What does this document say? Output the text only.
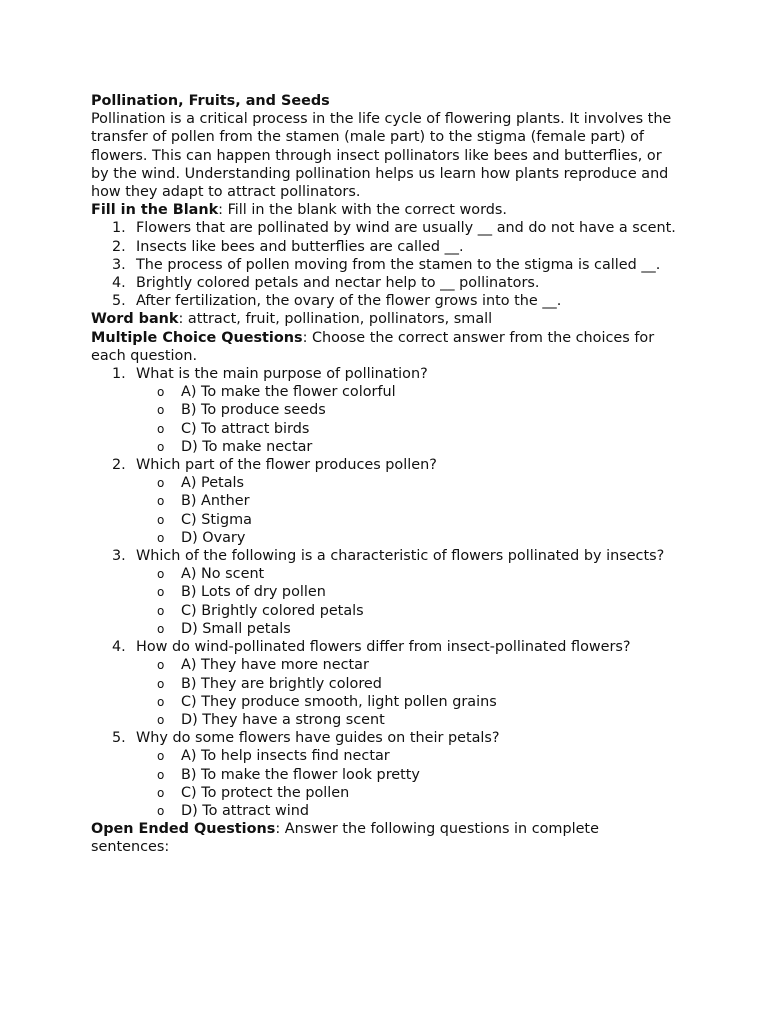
Pollination, Fruits, and Seeds

Pollination is a critical process in the life cycle of flowering plants. It involves the transfer of pollen from the stamen (male part) to the stigma (female part) of flowers. This can happen through insect pollinators like bees and butterflies, or by the wind. Understanding pollination helps us learn how plants reproduce and how they adapt to attract pollinators.

Fill in the Blank: Fill in the blank with the correct words.

1. Flowers that are pollinated by wind are usually __ and do not have a scent.
2. Insects like bees and butterflies are called __.
3. The process of pollen moving from the stamen to the stigma is called __.
4. Brightly colored petals and nectar help to __ pollinators.
5. After fertilization, the ovary of the flower grows into the __.

Word bank: attract, fruit, pollination, pollinators, small

Multiple Choice Questions: Choose the correct answer from the choices for each question.

1. What is the main purpose of pollination?
o A) To make the flower colorful
o B) To produce seeds
o C) To attract birds
o D) To make nectar
2. Which part of the flower produces pollen?
o A) Petals
o B) Anther
o C) Stigma
o D) Ovary
3. Which of the following is a characteristic of flowers pollinated by insects?
o A) No scent
o B) Lots of dry pollen
o C) Brightly colored petals
o D) Small petals
4. How do wind-pollinated flowers differ from insect-pollinated flowers?
o A) They have more nectar
o B) They are brightly colored
o C) They produce smooth, light pollen grains
o D) They have a strong scent
5. Why do some flowers have guides on their petals?
o A) To help insects find nectar
o B) To make the flower look pretty
o C) To protect the pollen
o D) To attract wind

Open Ended Questions: Answer the following questions in complete sentences:
